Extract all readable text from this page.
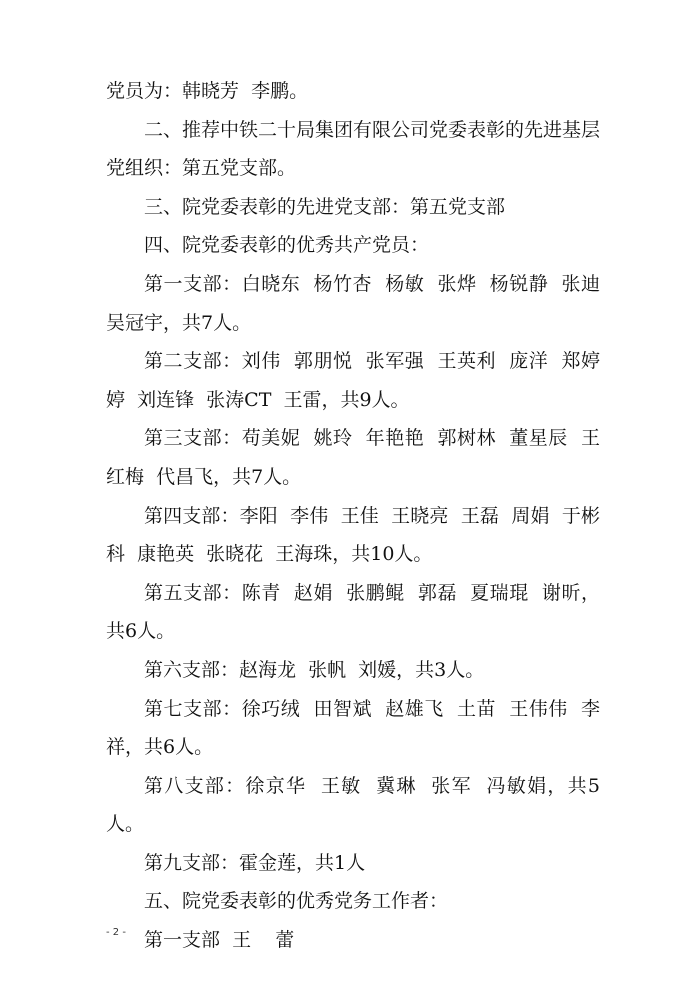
党员为：韩晓芳  李鹏。

二、推荐中铁二十局集团有限公司党委表彰的先进基层党组织：第五党支部。

三、院党委表彰的先进党支部：第五党支部

四、院党委表彰的优秀共产党员：

第一支部：白晓东  杨竹杏  杨敏  张烨  杨锐静  张迪  吴冠宇，共7人。

第二支部：刘伟  郭朋悦  张军强  王英利  庞洋  郑婷婷  刘连锋  张涛CT  王雷，共9人。

第三支部：苟美妮  姚玲  年艳艳  郭树林  董星辰  王红梅  代昌飞，共7人。

第四支部：李阳  李伟  王佳  王晓亮  王磊  周娟  于彬科  康艳英  张晓花  王海珠，共10人。

第五支部：陈青  赵娟  张鹏鲲  郭磊  夏瑞琨  谢昕，共6人。

第六支部：赵海龙  张帆  刘媛，共3人。

第七支部：徐巧绒  田智斌  赵雄飞  土苗  王伟伟  李祥，共6人。

第八支部：徐京华  王敏  冀琳  张军  冯敏娟，共5人。

第九支部：霍金莲，共1人

五、院党委表彰的优秀党务工作者：

第一支部  王    蕾

- 2 -
